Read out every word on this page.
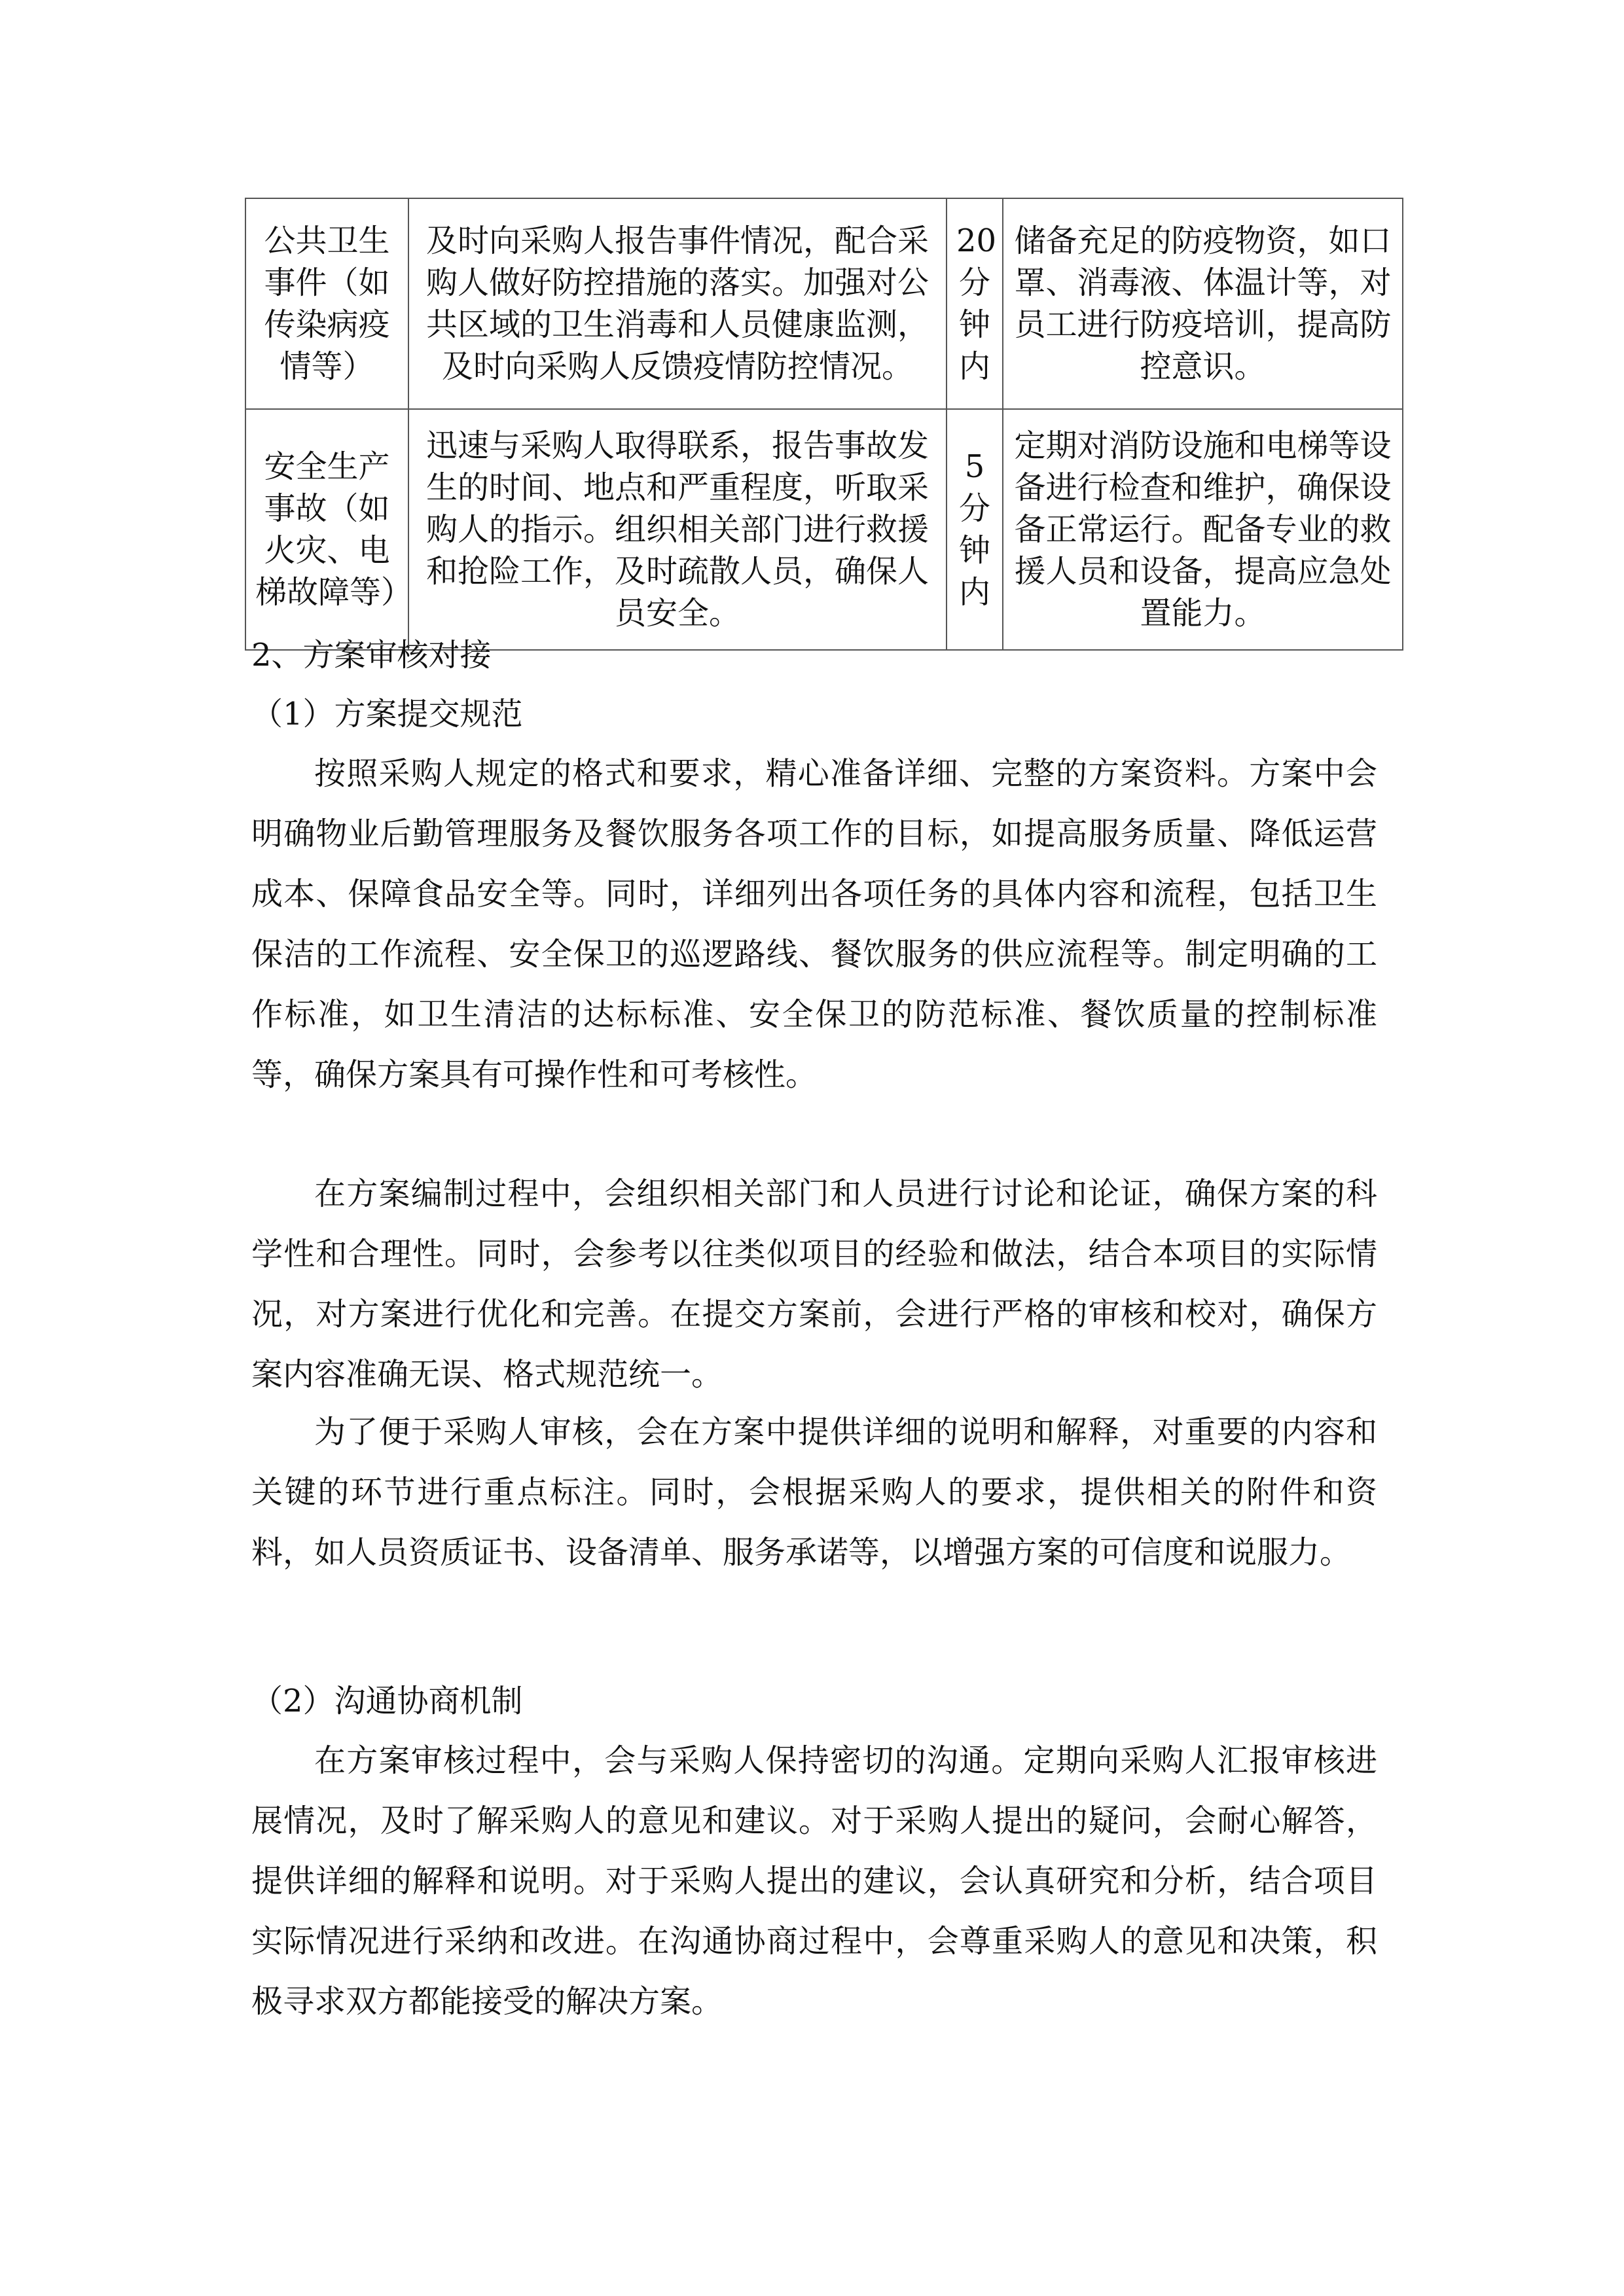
公共卫生事件（如传染病疫情等）	及时向采购人报告事件情况，配合采购人做好防控措施的落实。加强对公共区域的卫生消毒和人员健康监测，及时向采购人反馈疫情防控情况。	20分钟内	储备充足的防疫物资，如口罩、消毒液、体温计等，对员工进行防疫培训，提高防控意识。
安全生产事故（如火灾、电梯故障等）	迅速与采购人取得联系，报告事故发生的时间、地点和严重程度，听取采购人的指示。组织相关部门进行救援和抢险工作，及时疏散人员，确保人员安全。	5分钟内	定期对消防设施和电梯等设备进行检查和维护，确保设备正常运行。配备专业的救援人员和设备，提高应急处置能力。
2、方案审核对接
（1）方案提交规范

按照采购人规定的格式和要求，精心准备详细、完整的方案资料。方案中会明确物业后勤管理服务及餐饮服务各项工作的目标，如提高服务质量、降低运营成本、保障食品安全等。同时，详细列出各项任务的具体内容和流程，包括卫生保洁的工作流程、安全保卫的巡逻路线、餐饮服务的供应流程等。制定明确的工作标准，如卫生清洁的达标标准、安全保卫的防范标准、餐饮质量的控制标准等，确保方案具有可操作性和可考核性。

在方案编制过程中，会组织相关部门和人员进行讨论和论证，确保方案的科学性和合理性。同时，会参考以往类似项目的经验和做法，结合本项目的实际情况，对方案进行优化和完善。在提交方案前，会进行严格的审核和校对，确保方案内容准确无误、格式规范统一。

为了便于采购人审核，会在方案中提供详细的说明和解释，对重要的内容和关键的环节进行重点标注。同时，会根据采购人的要求，提供相关的附件和资料，如人员资质证书、设备清单、服务承诺等，以增强方案的可信度和说服力。

（2）沟通协商机制

在方案审核过程中，会与采购人保持密切的沟通。定期向采购人汇报审核进展情况，及时了解采购人的意见和建议。对于采购人提出的疑问，会耐心解答，提供详细的解释和说明。对于采购人提出的建议，会认真研究和分析，结合项目实际情况进行采纳和改进。在沟通协商过程中，会尊重采购人的意见和决策，积极寻求双方都能接受的解决方案。
